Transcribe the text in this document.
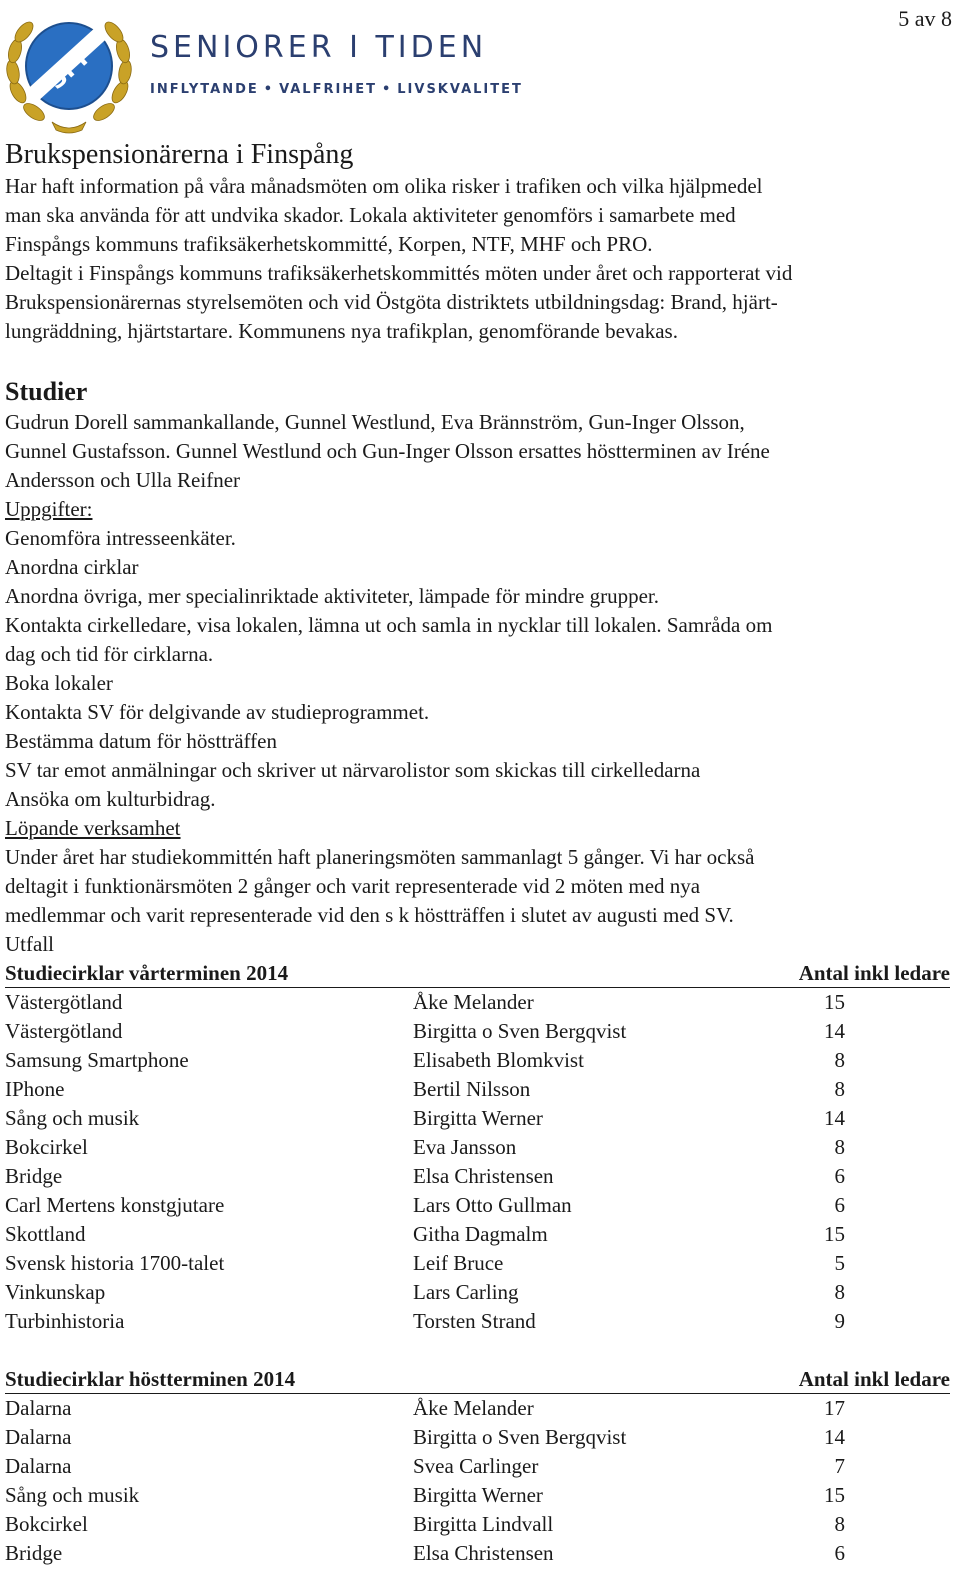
5 av 8
SPF SENIORER I TIDEN
INFLYTANDE • VALFRIHET • LIVSKVALITET
Brukspensionärerna i Finspång

Har haft information på våra månadsmöten om olika risker i trafiken och vilka hjälpmedel

man ska använda för att undvika skador. Lokala aktiviteter genomförs i samarbete med

Finspångs kommuns trafiksäkerhetskommitté, Korpen, NTF, MHF och PRO.

Deltagit i Finspångs kommuns trafiksäkerhetskommittés möten under året och rapporterat vid

Brukspensionärernas styrelsemöten och vid Östgöta distriktets utbildningsdag: Brand, hjärt-

lungräddning, hjärtstartare. Kommunens nya trafikplan, genomförande bevakas.

Studier

Gudrun Dorell sammankallande, Gunnel Westlund, Eva Brännström, Gun-Inger Olsson,

Gunnel Gustafsson. Gunnel Westlund och Gun-Inger Olsson ersattes höstterminen av Iréne

Andersson och Ulla Reifner

Uppgifter:

Genomföra intresseenkäter.

Anordna cirklar

Anordna övriga, mer specialinriktade aktiviteter, lämpade för mindre grupper.

Kontakta cirkelledare, visa lokalen, lämna ut och samla in nycklar till lokalen. Samråda om

dag och tid för cirklarna.

Boka lokaler

Kontakta SV för delgivande av studieprogrammet.

Bestämma datum för höstträffen

SV tar emot anmälningar och skriver ut närvarolistor som skickas till cirkelledarna

Ansöka om kulturbidrag.

Löpande verksamhet

Under året har studiekommittén haft planeringsmöten sammanlagt 5 gånger. Vi har också

deltagit i funktionärsmöten 2 gånger och varit representerade vid 2 möten med nya

medlemmar och varit representerade vid den s k höstträffen i slutet av augusti med SV.

Utfall

Studiecirklar vårterminen 2014	Antal inkl ledare
Västergötland	Åke Melander	15
Västergötland	Birgitta o Sven Bergqvist	14
Samsung Smartphone	Elisabeth Blomkvist	8
IPhone	Bertil Nilsson	8
Sång och musik	Birgitta Werner	14
Bokcirkel	Eva Jansson	8
Bridge	Elsa Christensen	6
Carl Mertens konstgjutare	Lars Otto Gullman	6
Skottland	Githa Dagmalm	15
Svensk historia 1700-talet	Leif Bruce	5
Vinkunskap	Lars Carling	8
Turbinhistoria	Torsten Strand	9
Studiecirklar höstterminen 2014	Antal inkl ledare
Dalarna	Åke Melander	17
Dalarna	Birgitta o Sven Bergqvist	14
Dalarna	Svea Carlinger	7
Sång och musik	Birgitta Werner	15
Bokcirkel	Birgitta Lindvall	8
Bridge	Elsa Christensen	6
